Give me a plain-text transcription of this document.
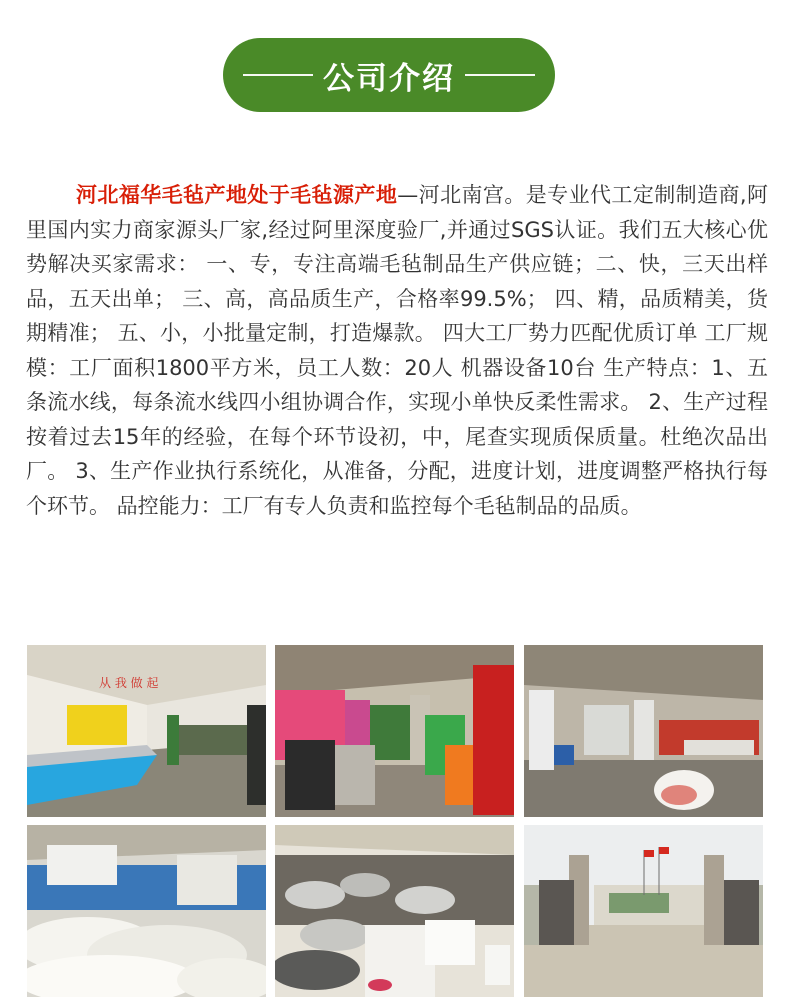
公司介绍

河北福华毛毡产地处于毛毡源产地—河北南宫。是专业代工定制制造商,阿里国内实力商家源头厂家,经过阿里深度验厂,并通过SGS认证。我们五大核心优势解决买家需求： 一、专，专注高端毛毡制品生产供应链；二、快，三天出样品，五天出单； 三、高，高品质生产，合格率99.5%； 四、精，品质精美，货期精准； 五、小，小批量定制，打造爆款。 四大工厂势力匹配优质订单 工厂规模：工厂面积1800平方米，员工人数：20人 机器设备10台 生产特点：1、五条流水线，每条流水线四小组协调合作，实现小单快反柔性需求。 2、生产过程按着过去15年的经验，在每个环节设初，中，尾查实现质保质量。杜绝次品出厂。 3、生产作业执行系统化，从准备，分配，进度计划，进度调整严格执行每个环节。 品控能力：工厂有专人负责和监控每个毛毡制品的品质。

从 我 做 起
